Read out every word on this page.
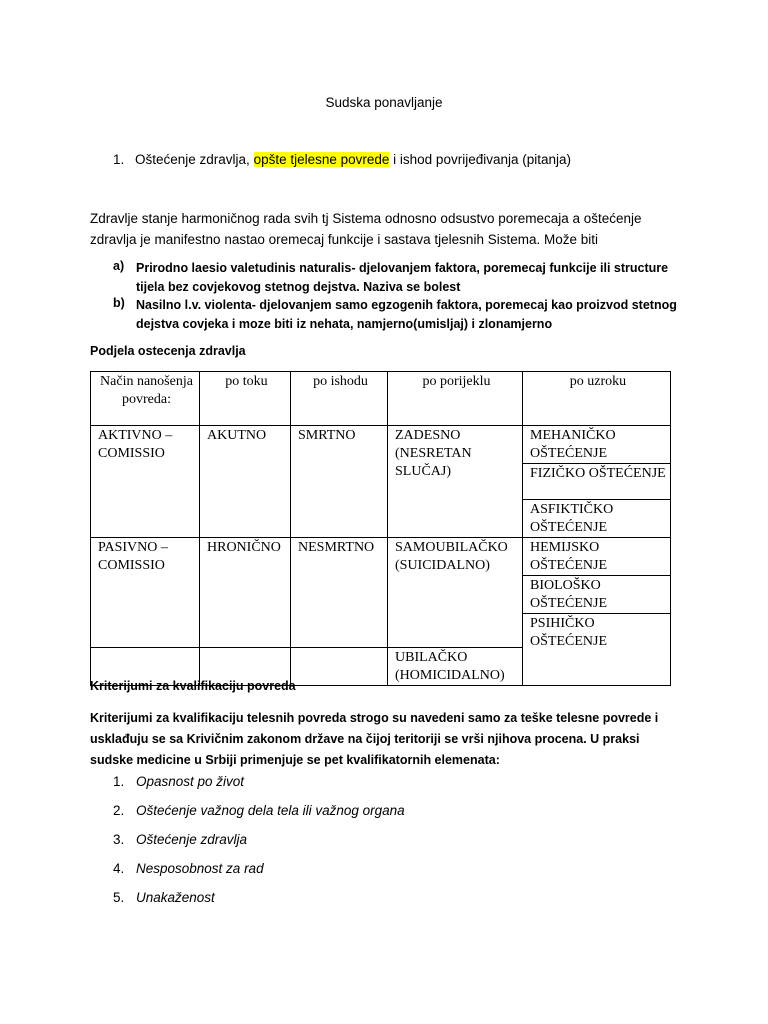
Sudska ponavljanje
1. Oštećenje zdravlja, opšte tjelesne povrede i ishod povrijeđivanja (pitanja)
Zdravlje stanje harmoničnog rada svih tj Sistema odnosno odsustvo poremecaja a oštećenje zdravlja je manifestno nastao oremecaj funkcije i sastava tjelesnih Sistema. Može biti
a) Prirodno laesio valetudinis naturalis- djelovanjem faktora, poremecaj funkcije ili structure tijela bez covjekovog stetnog dejstva. Naziva se bolest
b) Nasilno l.v. violenta- djelovanjem samo egzogenih faktora, poremecaj kao proizvod stetnog dejstva covjeka i moze biti iz nehata, namjerno(umisljaj) i zlonamjerno
Podjela ostecenja zdravlja
Način nanošenja povreda:	po toku	po ishodu	po porijeklu	po uzroku
AKTIVNO – COMISSIO	AKUTNO	SMRTNO	ZADESNO (NESRETAN SLUČAJ)	MEHANIČKO OŠTEĆENJE
				FIZIČKO OŠTEĆENJE
				ASFIKTIČKO OŠTEĆENJE
PASIVNO – COMISSIO	HRONIČNO	NESMRTNO	SAMOUBILAČKO (SUICIDALNO)	HEMIJSKO OŠTEĆENJE
				BIOLOŠKO OŠTEĆENJE
				PSIHIČKO OŠTEĆENJE
			UBILAČKO (HOMICIDALNO)	
Kriterijumi za kvalifikaciju povreda
Kriterijumi za kvalifikaciju telesnih povreda strogo su navedeni samo za teške telesne povrede i usklađuju se sa Krivičnim zakonom države na čijoj teritoriji se vrši njihova procena. U praksi sudske medicine u Srbiji primenjuje se pet kvalifikatornih elemenata:
1. Opasnost po život
2. Oštećenje važnog dela tela ili važnog organa
3. Oštećenje zdravlja
4. Nesposobnost za rad
5. Unakaženost
